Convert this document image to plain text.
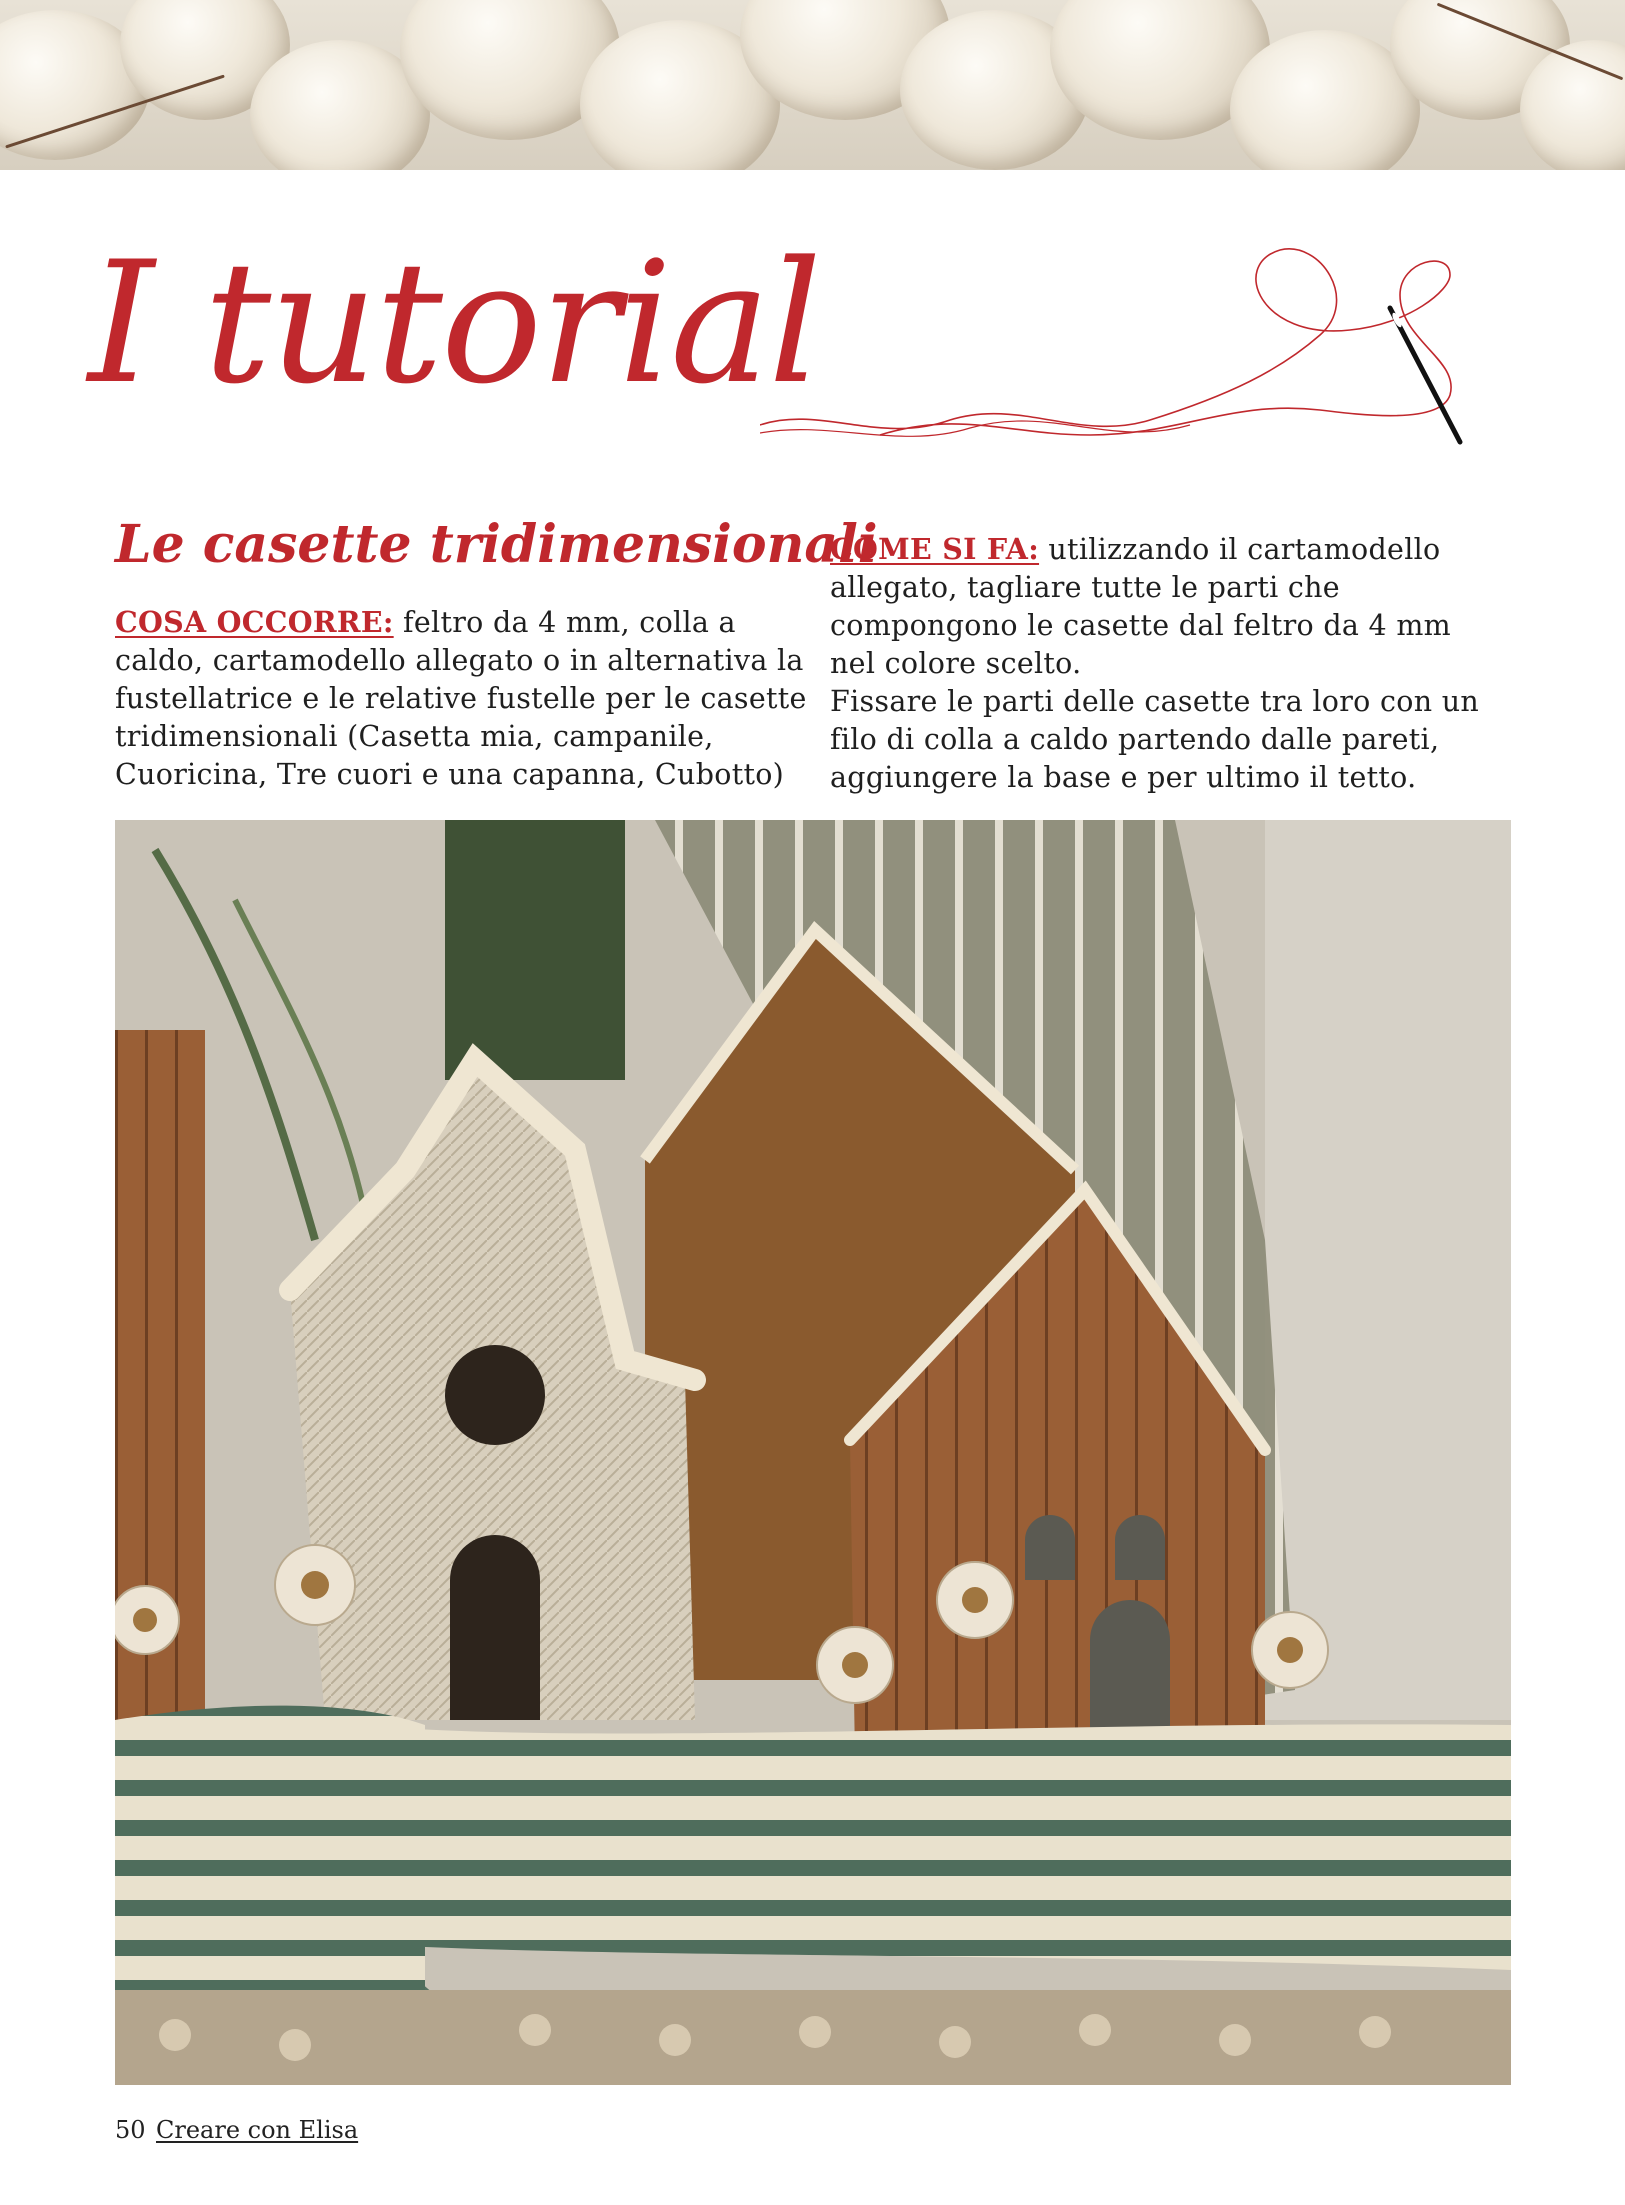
I tutorial
Le casette tridimensionali
COSA OCCORRE: feltro da 4 mm, colla a
caldo, cartamodello allegato o in alternativa la
fustellatrice e le relative fustelle per le casette
tridimensionali (Casetta mia, campanile,
Cuoricina, Tre cuori e una capanna, Cubotto)
COME SI FA: utilizzando il cartamodello
allegato, tagliare tutte le parti che
compongono le casette dal feltro da 4 mm
nel colore scelto.
Fissare le parti delle casette tra loro con un
filo di colla a caldo partendo dalle pareti,
aggiungere la base e per ultimo il tetto.
50 Creare con Elisa
